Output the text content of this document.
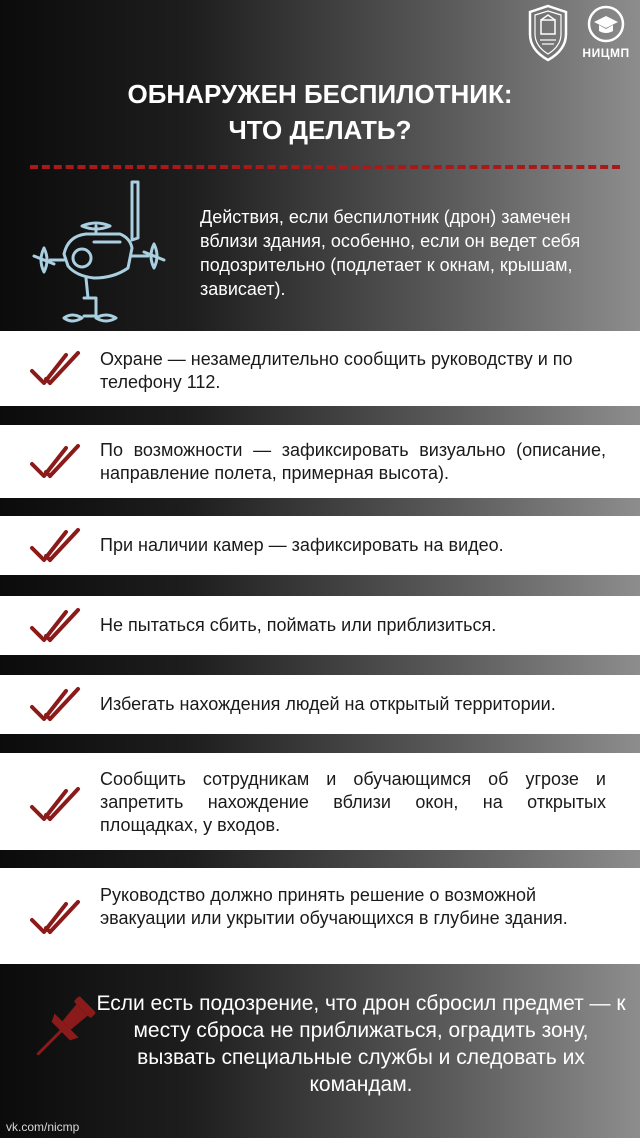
НИЦМП
ОБНАРУЖЕН БЕСПИЛОТНИК:
ЧТО ДЕЛАТЬ?
Действия, если беспилотник (дрон) замечен вблизи здания, особенно, если он ведет себя подозрительно (подлетает к окнам, крышам, зависает).
Охране — незамедлительно сообщить руководству и по телефону 112.
По возможности — зафиксировать визуально (описание, направление полета, примерная высота).
При наличии камер — зафиксировать на видео.
Не пытаться сбить, поймать или приблизиться.
Избегать нахождения людей на открытый территории.
Сообщить сотрудникам и обучающимся об угрозе и запретить нахождение вблизи окон, на открытых площадках, у входов.
Руководство должно принять решение о возможной эвакуации или укрытии обучающихся в глубине здания.
Если есть подозрение, что дрон сбросил предмет — к месту сброса не приближаться, оградить зону, вызвать специальные службы и следовать их командам.
vk.com/nicmp
